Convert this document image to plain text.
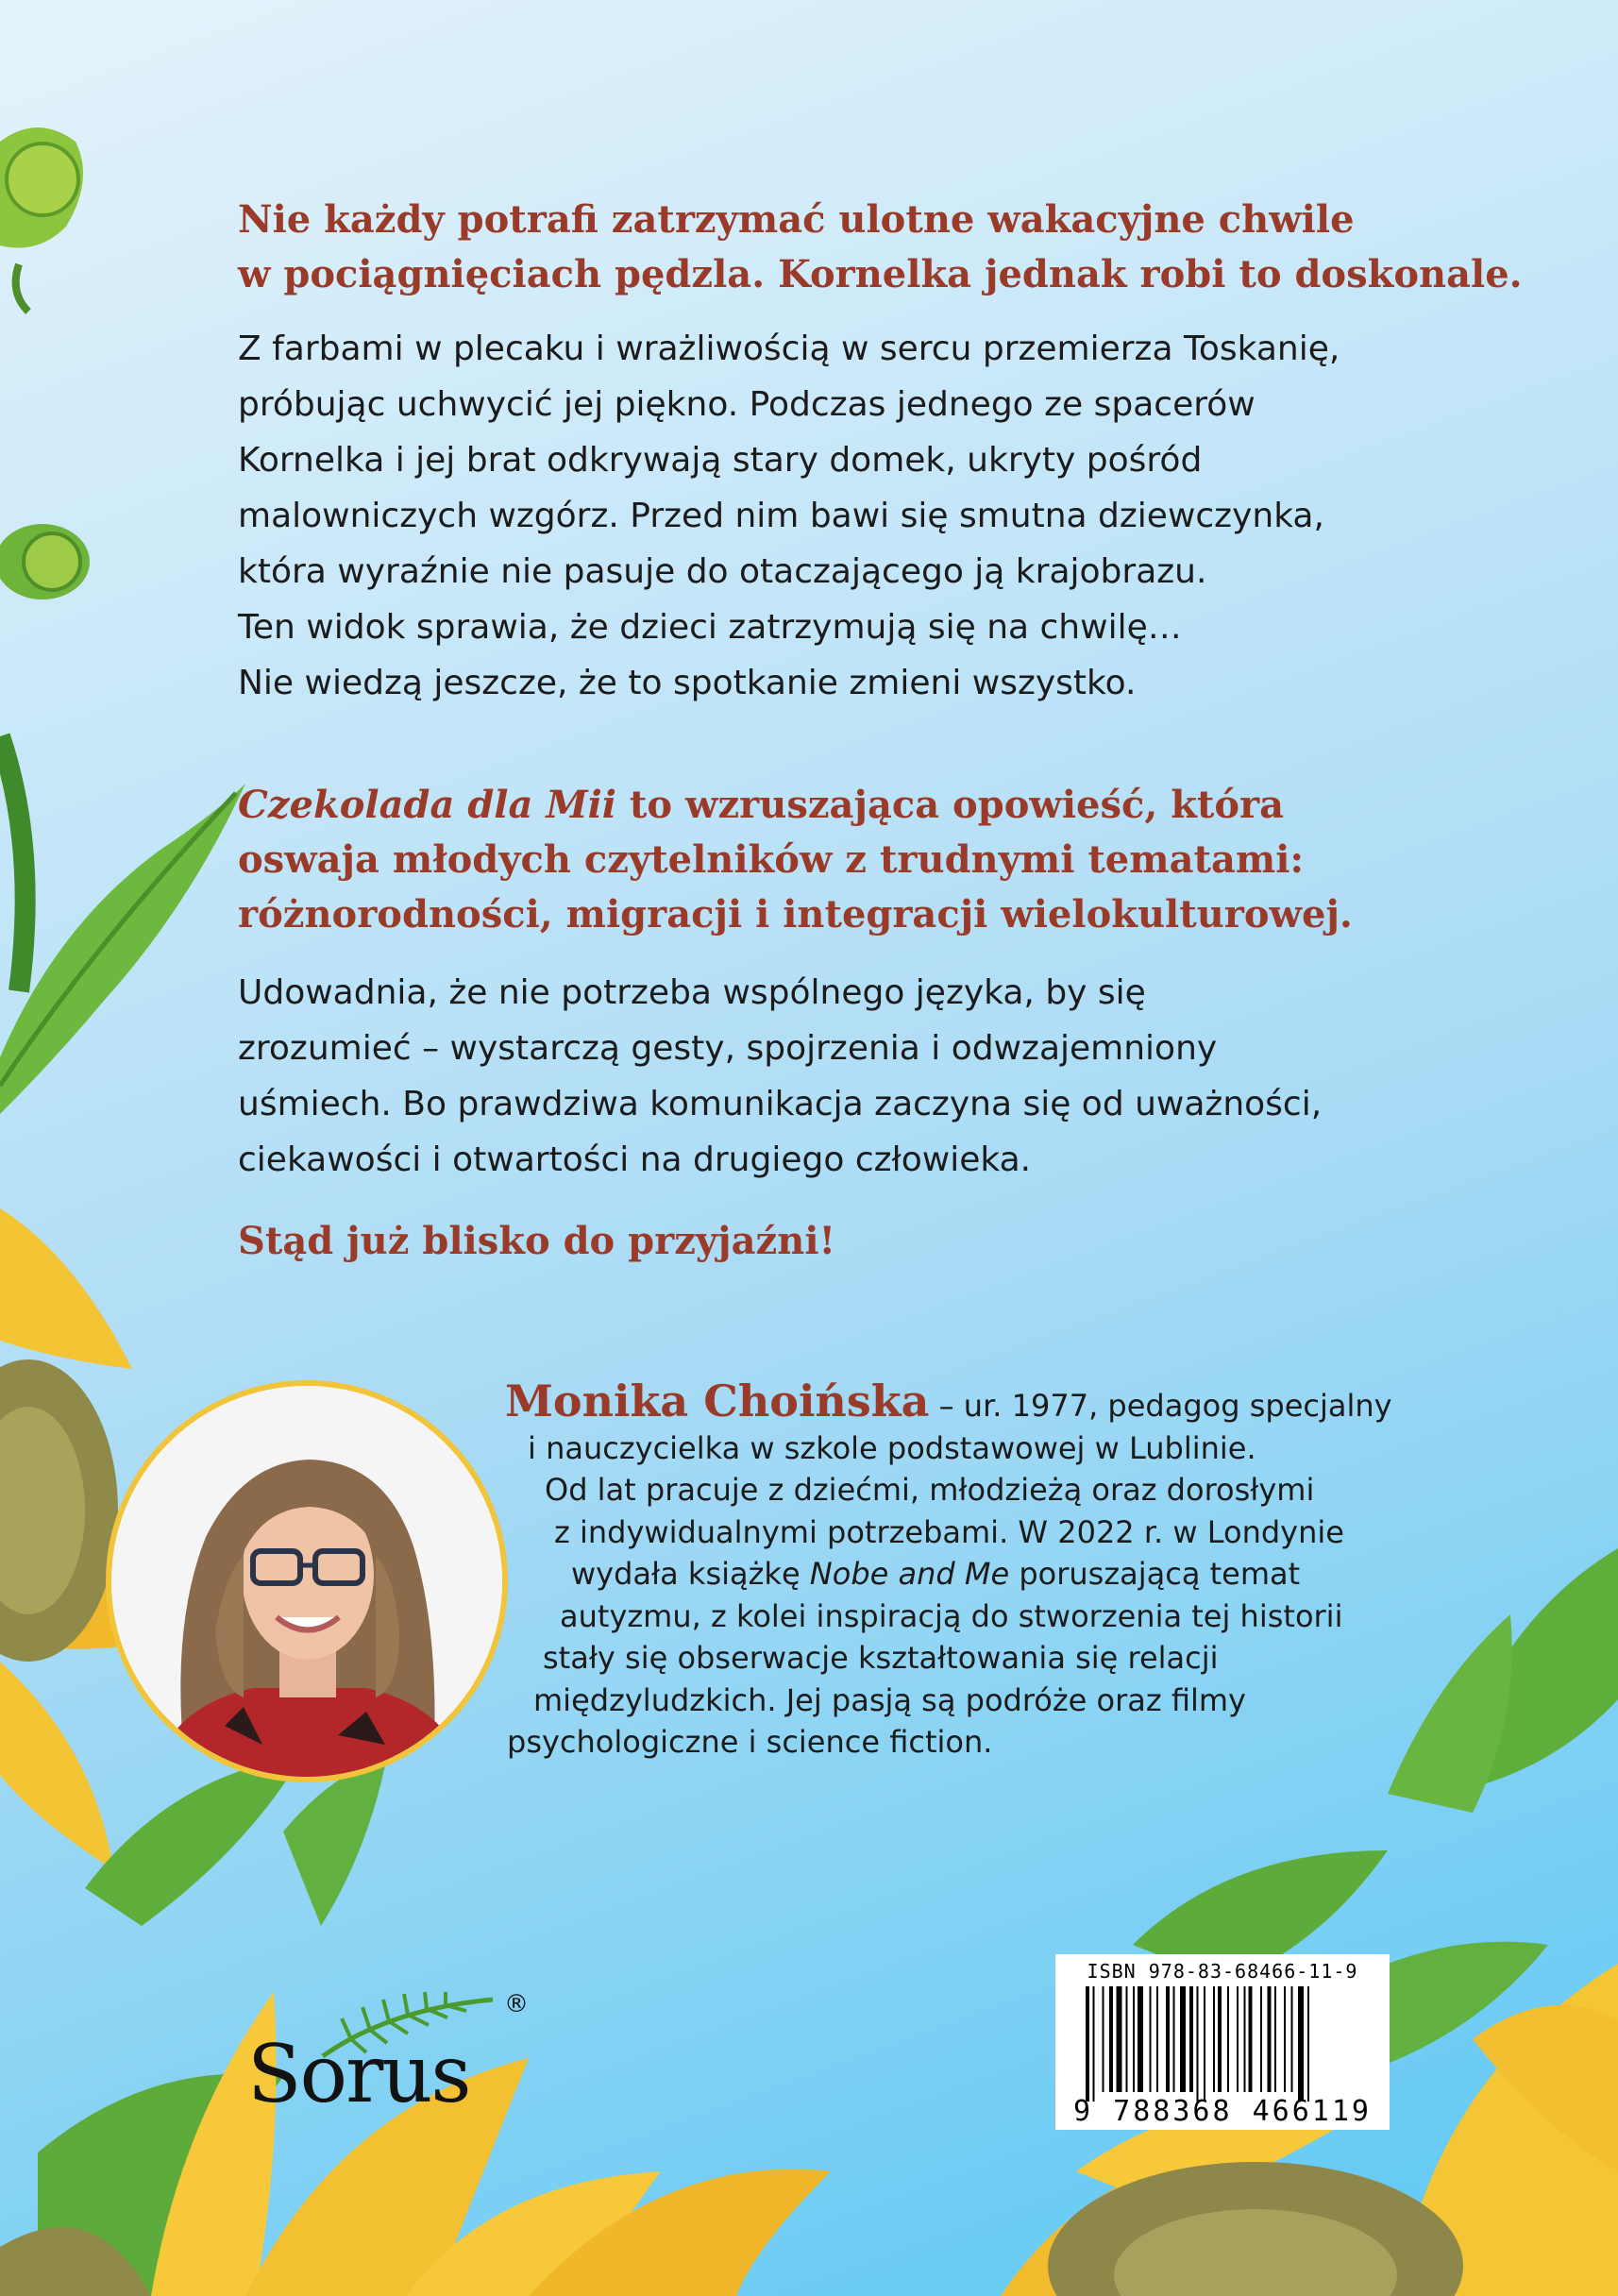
Nie każdy potrafi zatrzymać ulotne wakacyjne chwile
w pociągnięciach pędzla. Kornelka jednak robi to doskonale.

Z farbami w plecaku i wrażliwością w sercu przemierza Toskanię,
próbując uchwycić jej piękno. Podczas jednego ze spacerów
Kornelka i jej brat odkrywają stary domek, ukryty pośród
malowniczych wzgórz. Przed nim bawi się smutna dziewczynka,
która wyraźnie nie pasuje do otaczającego ją krajobrazu.
Ten widok sprawia, że dzieci zatrzymują się na chwilę…
Nie wiedzą jeszcze, że to spotkanie zmieni wszystko.

Czekolada dla Mii to wzruszająca opowieść, która
oswaja młodych czytelników z trudnymi tematami:
różnorodności, migracji i integracji wielokulturowej.

Udowadnia, że nie potrzeba wspólnego języka, by się
zrozumieć – wystarczą gesty, spojrzenia i odwzajemniony
uśmiech. Bo prawdziwa komunikacja zaczyna się od uważności,
ciekawości i otwartości na drugiego człowieka.

Stąd już blisko do przyjaźni!
Monika Choińska – ur. 1977, pedagog specjalny
i nauczycielka w szkole podstawowej w Lublinie.
Od lat pracuje z dziećmi, młodzieżą oraz dorosłymi
z indywidualnymi potrzebami. W 2022 r. w Londynie
wydała książkę Nobe and Me poruszającą temat
autyzmu, z kolei inspiracją do stworzenia tej historii
stały się obserwacje kształtowania się relacji
międzyludzkich. Jej pasją są podróże oraz filmy
psychologiczne i science fiction.
Sorus
®
ISBN 978-83-68466-11-9
9 788368 466119
